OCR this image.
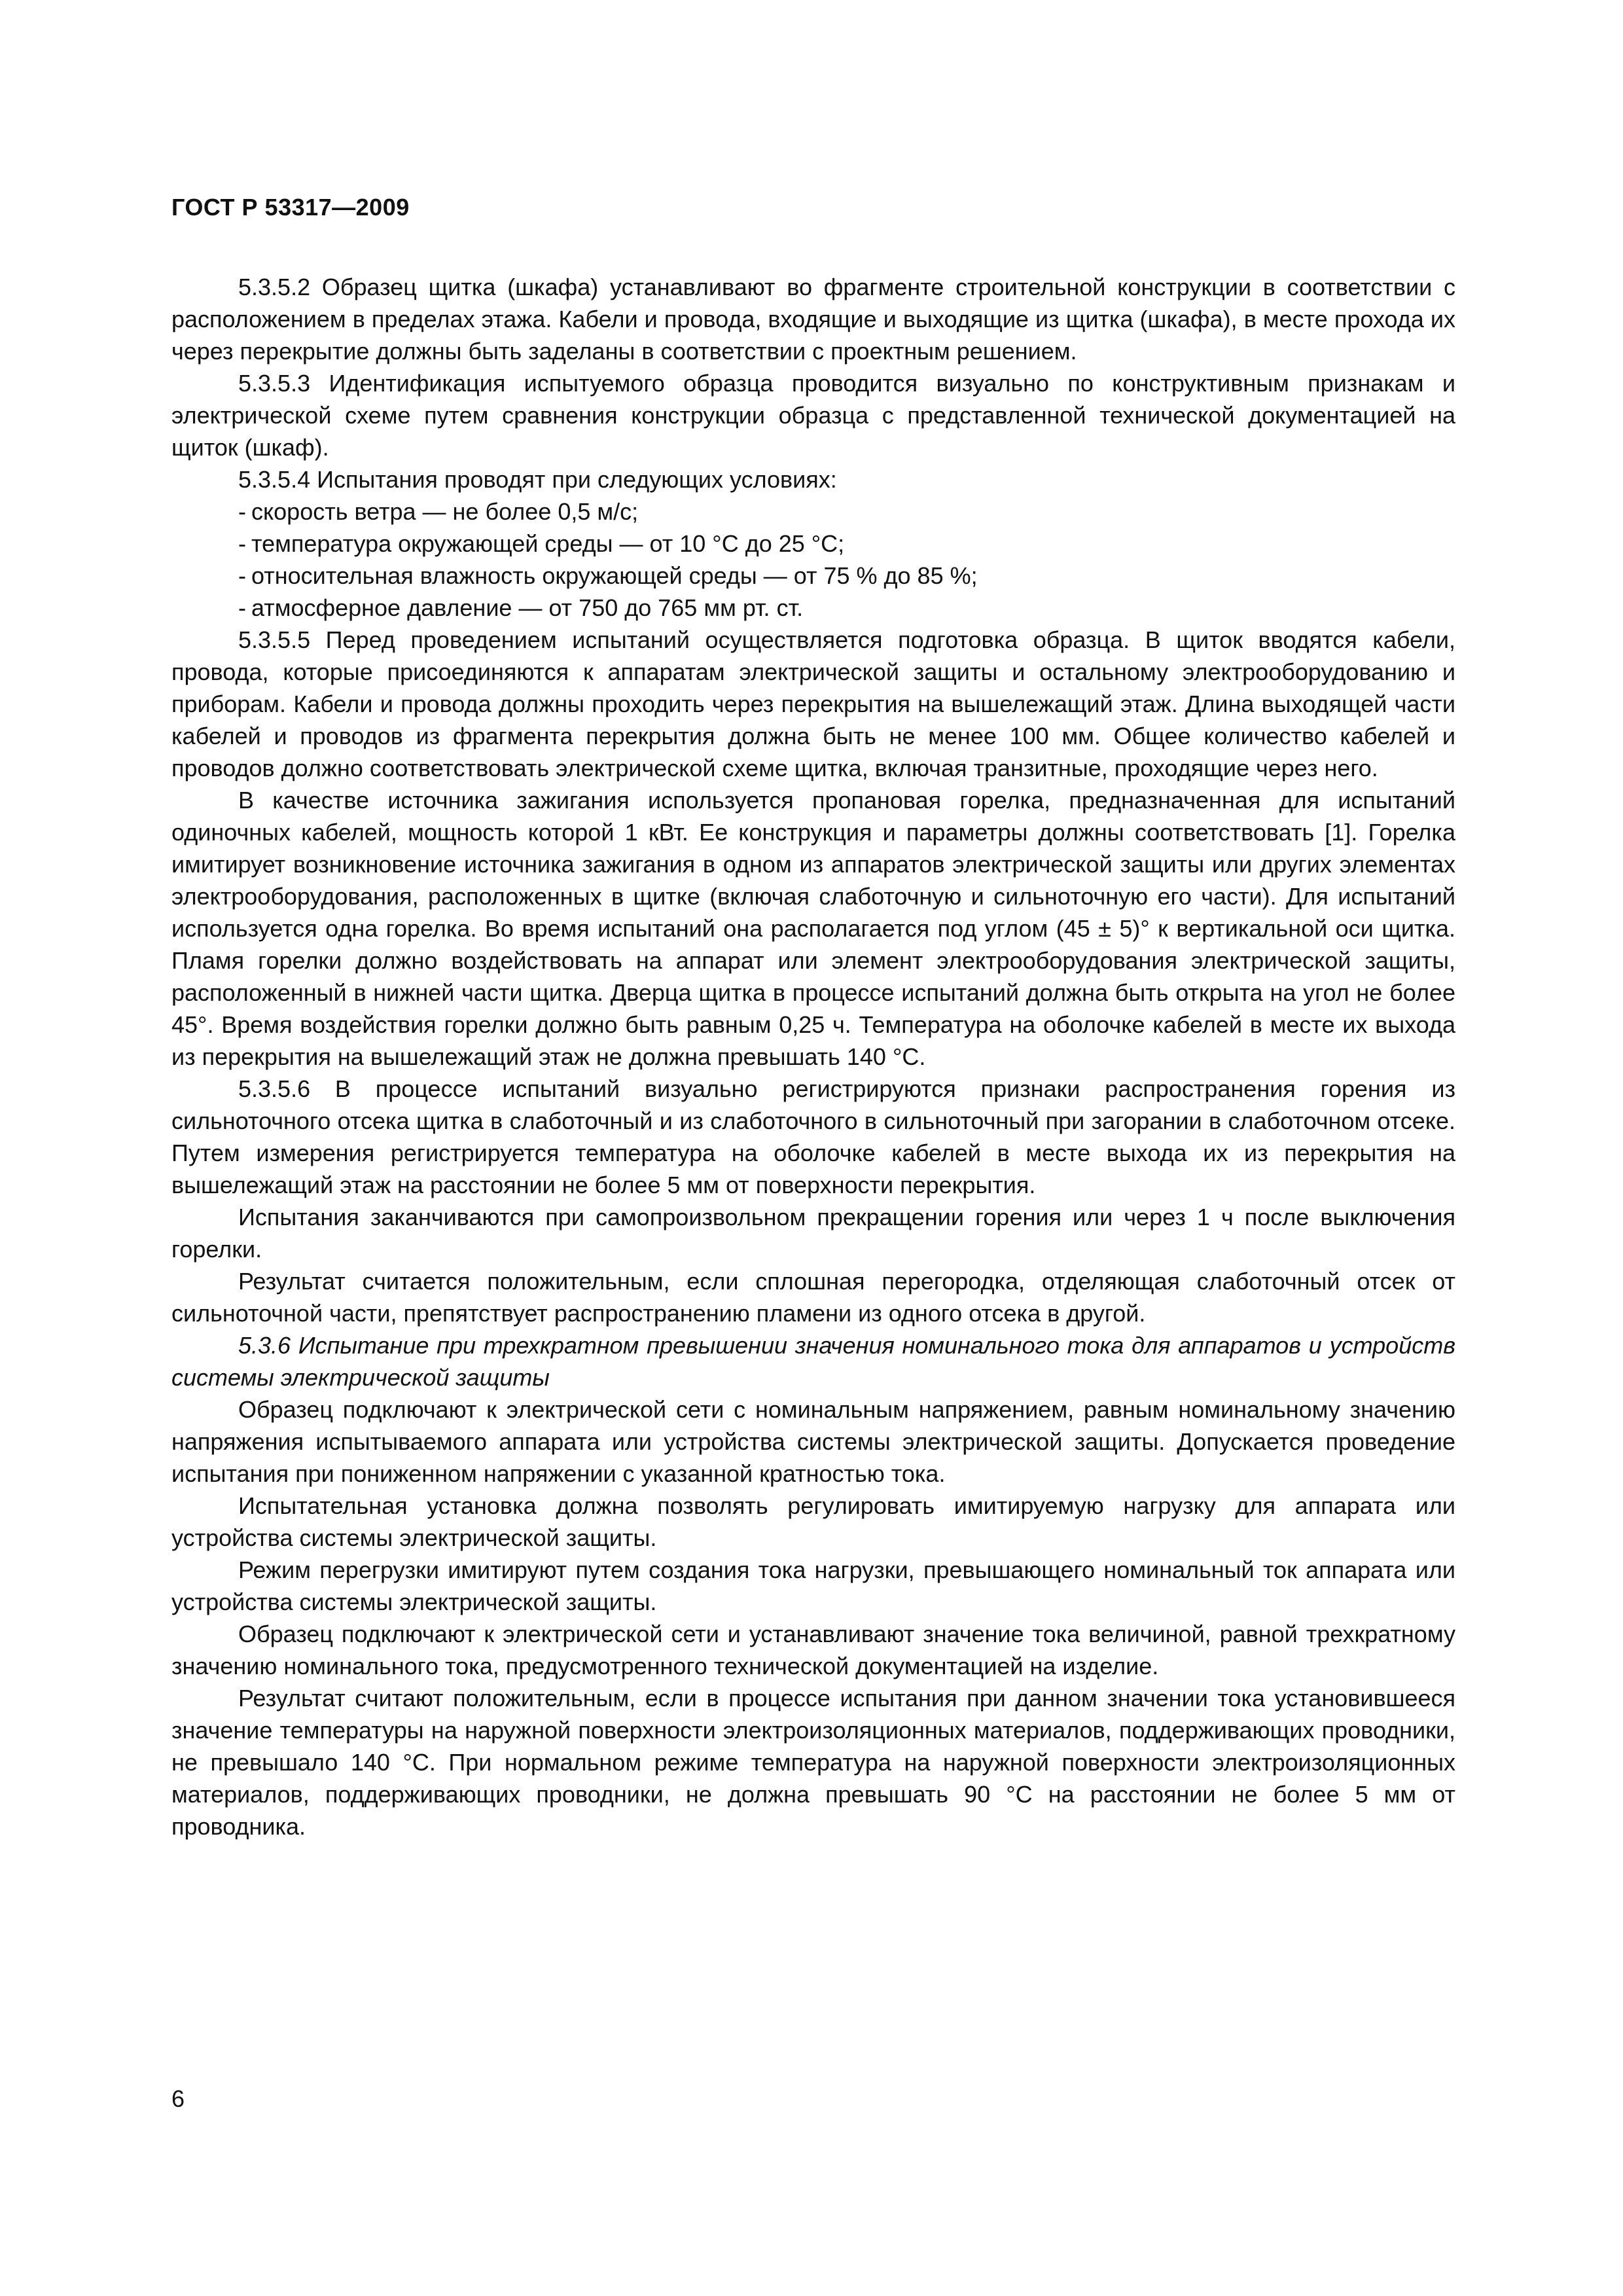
ГОСТ Р 53317—2009

5.3.5.2 Образец щитка (шкафа) устанавливают во фрагменте строительной конструкции в соответствии с расположением в пределах этажа. Кабели и провода, входящие и выходящие из щитка (шкафа), в месте прохода их через перекрытие должны быть заделаны в соответствии с проектным решением.

5.3.5.3 Идентификация испытуемого образца проводится визуально по конструктивным признакам и электрической схеме путем сравнения конструкции образца с представленной технической документацией на щиток (шкаф).

5.3.5.4 Испытания проводят при следующих условиях:

- скорость ветра — не более 0,5 м/с;
- температура окружающей среды — от 10 °С до 25 °С;
- относительная влажность окружающей среды — от 75 % до 85 %;
- атмосферное давление — от 750 до 765 мм рт. ст.

5.3.5.5 Перед проведением испытаний осуществляется подготовка образца. В щиток вводятся кабели, провода, которые присоединяются к аппаратам электрической защиты и остальному электрооборудованию и приборам. Кабели и провода должны проходить через перекрытия на вышележащий этаж. Длина выходящей части кабелей и проводов из фрагмента перекрытия должна быть не менее 100 мм. Общее количество кабелей и проводов должно соответствовать электрической схеме щитка, включая транзитные, проходящие через него.

В качестве источника зажигания используется пропановая горелка, предназначенная для испытаний одиночных кабелей, мощность которой 1 кВт. Ее конструкция и параметры должны соответствовать [1]. Горелка имитирует возникновение источника зажигания в одном из аппаратов электрической защиты или других элементах электрооборудования, расположенных в щитке (включая слаботочную и сильноточную его части). Для испытаний используется одна горелка. Во время испытаний она располагается под углом (45 ± 5)° к вертикальной оси щитка. Пламя горелки должно воздействовать на аппарат или элемент электрооборудования электрической защиты, расположенный в нижней части щитка. Дверца щитка в процессе испытаний должна быть открыта на угол не более 45°. Время воздействия горелки должно быть равным 0,25 ч. Температура на оболочке кабелей в месте их выхода из перекрытия на вышележащий этаж не должна превышать 140 °С.

5.3.5.6 В процессе испытаний визуально регистрируются признаки распространения горения из сильноточного отсека щитка в слаботочный и из слаботочного в сильноточный при загорании в слаботочном отсеке. Путем измерения регистрируется температура на оболочке кабелей в месте выхода их из перекрытия на вышележащий этаж на расстоянии не более 5 мм от поверхности перекрытия.

Испытания заканчиваются при самопроизвольном прекращении горения или через 1 ч после выключения горелки.

Результат считается положительным, если сплошная перегородка, отделяющая слаботочный отсек от сильноточной части, препятствует распространению пламени из одного отсека в другой.

5.3.6 Испытание при трехкратном превышении значения номинального тока для аппаратов и устройств системы электрической защиты

Образец подключают к электрической сети с номинальным напряжением, равным номинальному значению напряжения испытываемого аппарата или устройства системы электрической защиты. Допускается проведение испытания при пониженном напряжении с указанной кратностью тока.

Испытательная установка должна позволять регулировать имитируемую нагрузку для аппарата или устройства системы электрической защиты.

Режим перегрузки имитируют путем создания тока нагрузки, превышающего номинальный ток аппарата или устройства системы электрической защиты.

Образец подключают к электрической сети и устанавливают значение тока величиной, равной трехкратному значению номинального тока, предусмотренного технической документацией на изделие.

Результат считают положительным, если в процессе испытания при данном значении тока установившееся значение температуры на наружной поверхности электроизоляционных материалов, поддерживающих проводники, не превышало 140 °С. При нормальном режиме температура на наружной поверхности электроизоляционных материалов, поддерживающих проводники, не должна превышать 90 °С на расстоянии не более 5 мм от проводника.

6
